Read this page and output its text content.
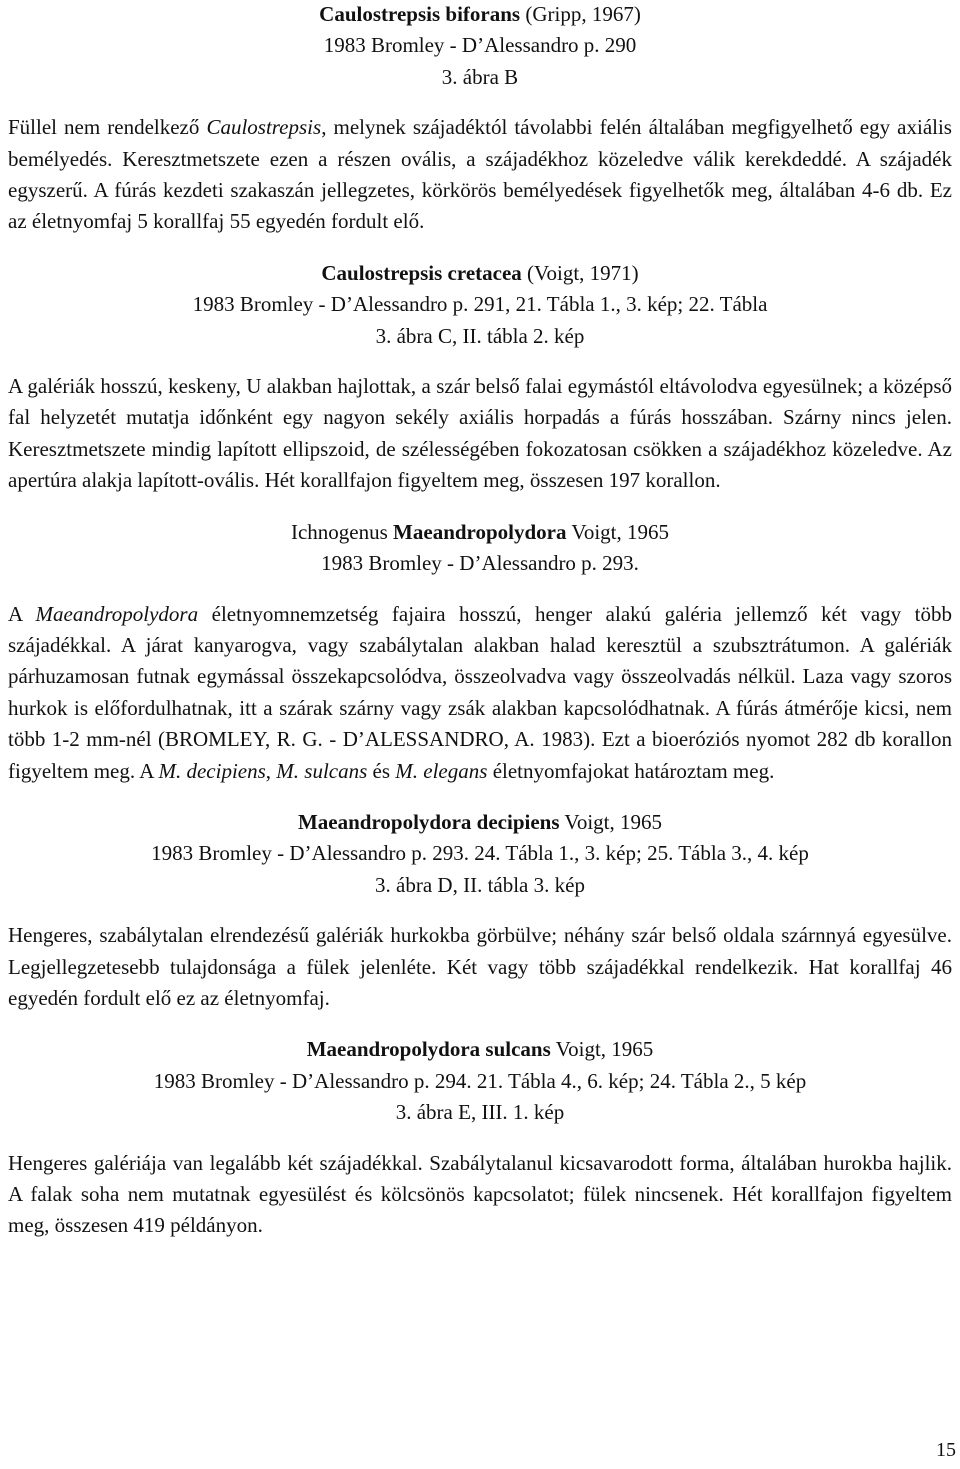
Caulostrepsis biforans (Gripp, 1967)

1983 Bromley - D’Alessandro p. 290

3. ábra B

Füllel nem rendelkező Caulostrepsis, melynek szájadéktól távolabbi felén általában megfigyelhető egy axiális bemélyedés. Keresztmetszete ezen a részen ovális, a szájadékhoz közeledve válik kerekdeddé. A szájadék egyszerű. A fúrás kezdeti szakaszán jellegzetes, körkörös bemélyedések figyelhetők meg, általában 4-6 db. Ez az életnyomfaj 5 korallfaj 55 egyedén fordult elő.

Caulostrepsis cretacea (Voigt, 1971)

1983 Bromley - D’Alessandro p. 291, 21. Tábla 1., 3. kép; 22. Tábla

3. ábra C, II. tábla 2. kép

A galériák hosszú, keskeny, U alakban hajlottak, a szár belső falai egymástól eltávolodva egyesülnek; a középső fal helyzetét mutatja időnként egy nagyon sekély axiális horpadás a fúrás hosszában. Szárny nincs jelen. Keresztmetszete mindig lapított ellipszoid, de szélességében fokozatosan csökken a szájadékhoz közeledve. Az apertúra alakja lapított-ovális. Hét korallfajon figyeltem meg, összesen 197 korallon.

Ichnogenus Maeandropolydora Voigt, 1965

1983 Bromley - D’Alessandro p. 293.

A Maeandropolydora életnyomnemzetség fajaira hosszú, henger alakú galéria jellemző két vagy több szájadékkal. A járat kanyarogva, vagy szabálytalan alakban halad keresztül a szubsztrátumon. A galériák párhuzamosan futnak egymással összekapcsolódva, összeolvadva vagy összeolvadás nélkül. Laza vagy szoros hurkok is előfordulhatnak, itt a szárak szárny vagy zsák alakban kapcsolódhatnak. A fúrás átmérője kicsi, nem több 1-2 mm-nél (BROMLEY, R. G. - D’ALESSANDRO, A. 1983). Ezt a bioeróziós nyomot 282 db korallon figyeltem meg. A M. decipiens, M. sulcans és M. elegans életnyomfajokat határoztam meg.

Maeandropolydora decipiens Voigt, 1965

1983 Bromley - D’Alessandro p. 293. 24. Tábla 1., 3. kép; 25. Tábla 3., 4. kép

3. ábra D, II. tábla 3. kép

Hengeres, szabálytalan elrendezésű galériák hurkokba görbülve; néhány szár belső oldala szárnnyá egyesülve. Legjellegzetesebb tulajdonsága a fülek jelenléte. Két vagy több szájadékkal rendelkezik. Hat korallfaj 46 egyedén fordult elő ez az életnyomfaj.

Maeandropolydora sulcans Voigt, 1965

1983 Bromley - D’Alessandro p. 294. 21. Tábla 4., 6. kép; 24. Tábla 2., 5 kép

3. ábra E, III. 1. kép

Hengeres galériája van legalább két szájadékkal. Szabálytalanul kicsavarodott forma, általában hurokba hajlik. A falak soha nem mutatnak egyesülést és kölcsönös kapcsolatot; fülek nincsenek. Hét korallfajon figyeltem meg, összesen 419 példányon.

15
